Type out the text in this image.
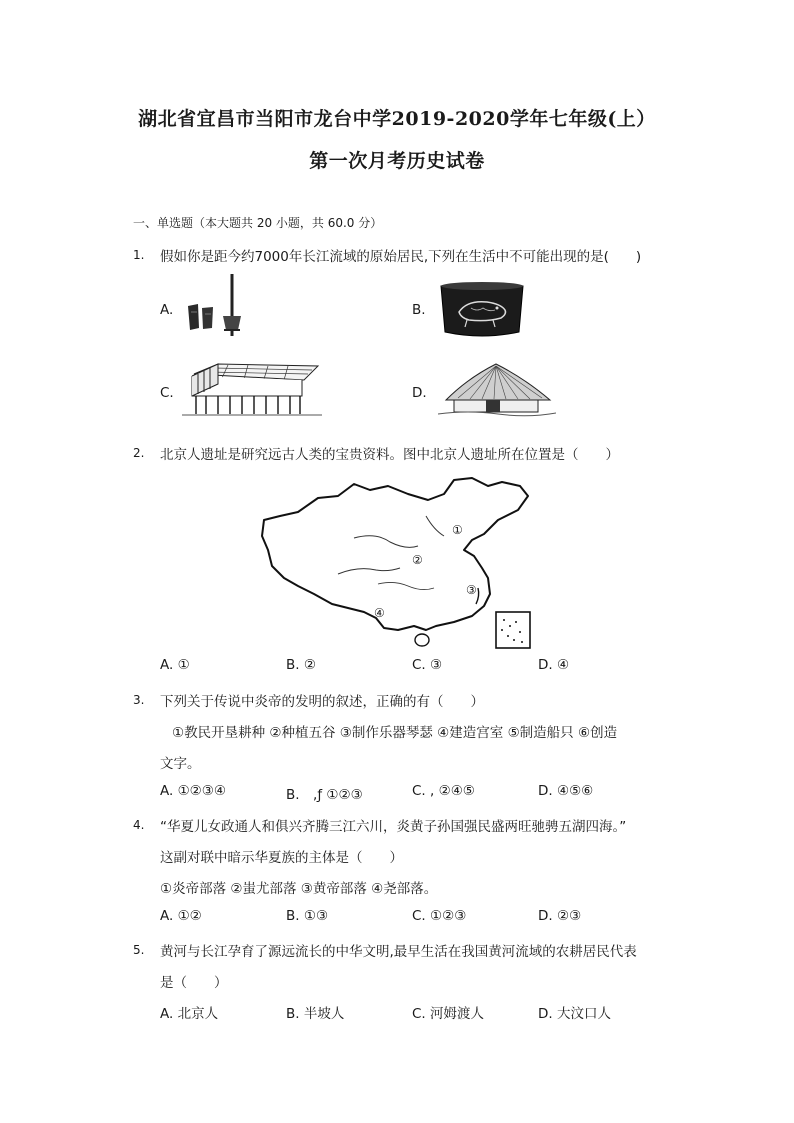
湖北省宜昌市当阳市龙台中学2019-2020学年七年级(上）
第一次月考历史试卷
一、单选题（本大题共 20 小题，共 60.0 分）
1. 假如你是距今约7000年长江流域的原始居民,下列在生活中不可能出现的是(　　)
A.	B.
C.	D.
2. 北京人遗址是研究远古人类的宝贵资料。图中北京人遗址所在位置是（　　）
①
②
③
④
A. ①	B. ②	C. ③	D. ④
3. 下列关于传说中炎帝的发明的叙述，正确的有（　　）
①教民开垦耕种 ②种植五谷 ③制作乐器琴瑟 ④建造宫室 ⑤制造船只 ⑥创造
文字。
A. ①②③④	B.　,ƒ ①②③	C. , ②④⑤	D. ④⑤⑥
4. “华夏儿女政通人和俱兴齐腾三江六川，炎黄子孙国强民盛两旺驰骋五湖四海。”
这副对联中暗示华夏族的主体是（　　）
①炎帝部落 ②蚩尤部落 ③黄帝部落 ④尧部落。
A. ①②	B. ①③	C. ①②③	D. ②③
5. 黄河与长江孕育了源远流长的中华文明,最早生活在我国黄河流域的农耕居民代表
是（　　）
A. 北京人	B. 半坡人	C. 河姆渡人	D. 大汶口人
